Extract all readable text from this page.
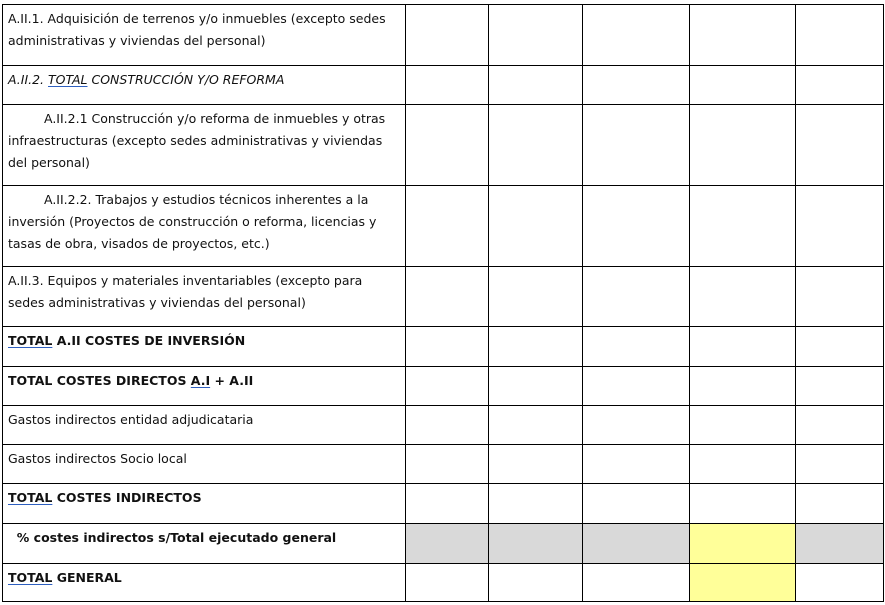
A.II.1. Adquisición de terrenos y/o inmuebles (excepto sedes administrativas y viviendas del personal)					
A.II.2. TOTAL CONSTRUCCIÓN Y/O REFORMA					
A.II.2.1 Construcción y/o reforma de inmuebles y otras infraestructuras (excepto sedes administrativas y viviendas del personal)					
A.II.2.2. Trabajos y estudios técnicos inherentes a la inversión (Proyectos de construcción o reforma, licencias y tasas de obra, visados de proyectos, etc.)					
A.II.3. Equipos y materiales inventariables (excepto para sedes administrativas y viviendas del personal)					
TOTAL A.II COSTES DE INVERSIÓN					
TOTAL COSTES DIRECTOS A.I + A.II					
Gastos indirectos entidad adjudicataria					
Gastos indirectos Socio local					
TOTAL COSTES INDIRECTOS					
% costes indirectos s/Total ejecutado general					
TOTAL GENERAL					
